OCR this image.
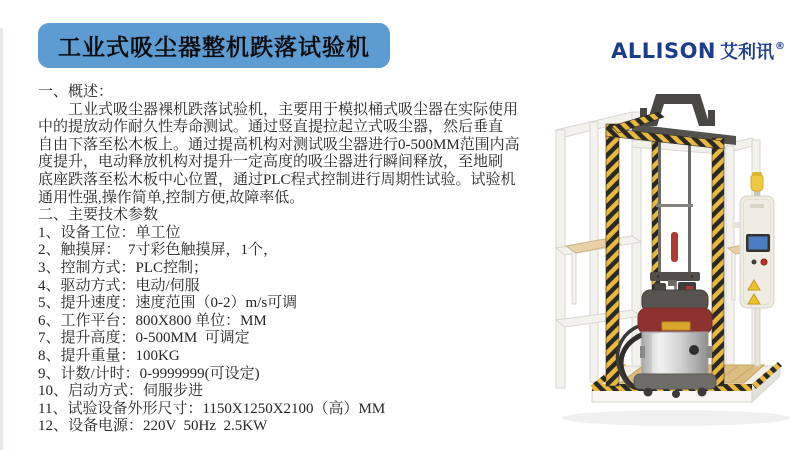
工业式吸尘器整机跌落试验机	ALLISON 艾利讯®
一、概述：
　　工业式吸尘器裸机跌落试验机，主要用于模拟桶式吸尘器在实际使用
中的提放动作耐久性寿命测试。通过竖直提拉起立式吸尘器，然后垂直
自由下落至松木板上。通过提高机构对测试吸尘器进行0-500MM范围内高
度提升，电动释放机构对提升一定高度的吸尘器进行瞬间释放，至地刷
底座跌落至松木板中心位置，通过PLC程式控制进行周期性试验。试验机
通用性强,操作简单,控制方便,故障率低。
二、主要技术参数
1、设备工位：单工位
2、触摸屏：  7寸彩色触摸屏，1个，
3、控制方式：PLC控制；
4、驱动方式：电动/伺服
5、提升速度：速度范围（0-2）m/s可调
6、工作平台：800X800 单位：MM
7、提升高度：0-500MM  可调定
8、提升重量：100KG
9、计数/计时：0-9999999(可设定)
10、启动方式：伺服步进
11、试验设备外形尺寸：1150X1250X2100（高）MM
12、设备电源：220V  50Hz  2.5KW
